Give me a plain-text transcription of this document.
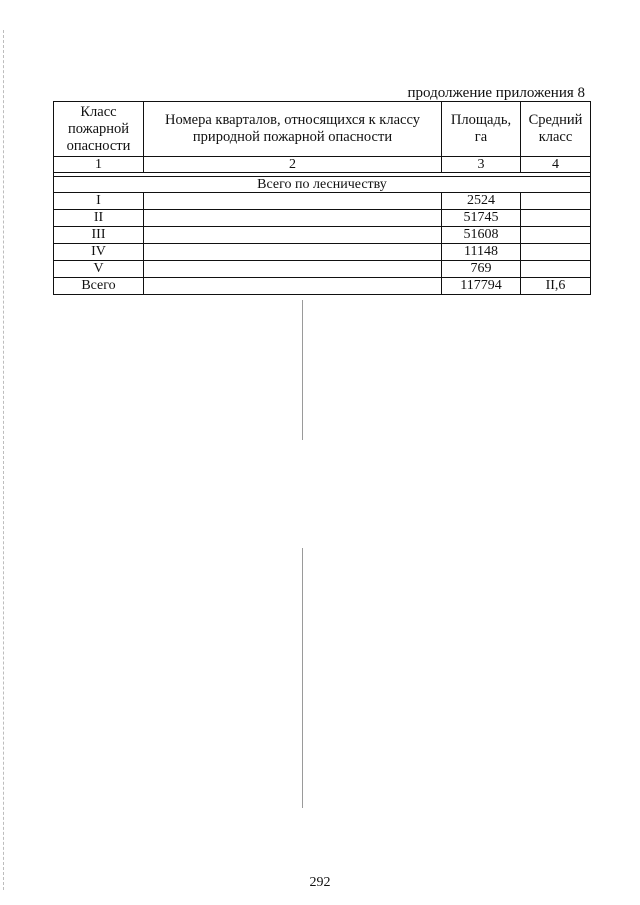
продолжение приложения 8
Класс пожарной опасности	Номера кварталов, относящихся к классу природной пожарной опасности	Площадь, га	Средний класс
1	2	3	4

Всего по лесничеству			
I		2524	
II		51745	
III		51608	
IV		11148	
V		769	
Всего		117794	II,6
292
